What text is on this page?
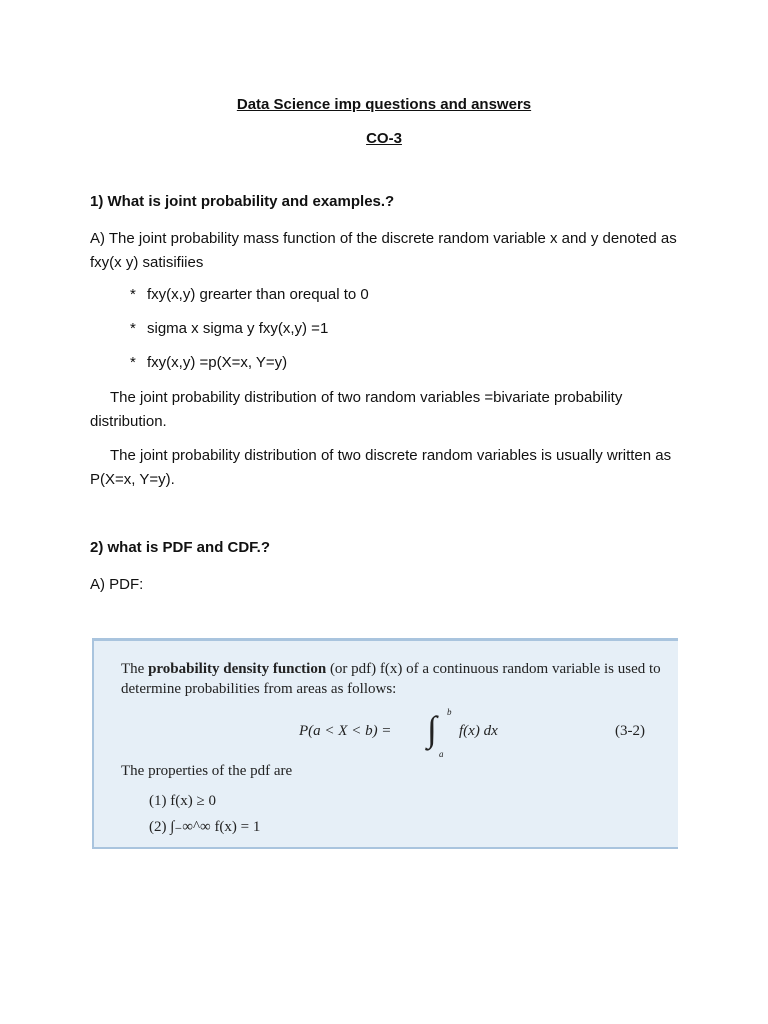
Data Science imp questions and answers
CO-3
1) What is joint probability and examples.?
A) The joint probability mass function of the discrete random variable x and y denoted as fxy(x y) satisifiies
* fxy(x,y) grearter than orequal to 0
* sigma x sigma y fxy(x,y) =1
* fxy(x,y) =p(X=x, Y=y)
The joint probability distribution of two random variables =bivariate probability distribution.
The joint probability distribution of two discrete random variables is usually written as P(X=x, Y=y).
2) what is PDF and CDF.?
A) PDF:
The probability density function (or pdf) f(x) of a continuous random variable is used to determine probabilities from areas as follows:
P(a < X < b) = ∫ b
a
f(x) dx	(3-2)
The properties of the pdf are
(1) f(x) ≥ 0
(2) ∫₋∞^∞ f(x) = 1
